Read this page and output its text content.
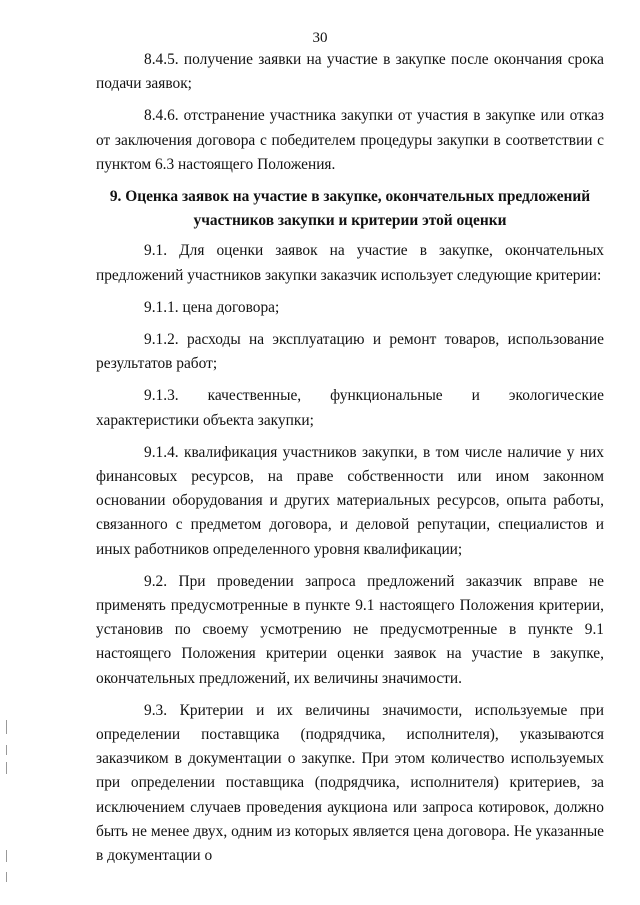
30

8.4.5. получение заявки на участие в закупке после окончания срока подачи заявок;

8.4.6. отстранение участника закупки от участия в закупке или отказ от заключения договора с победителем процедуры закупки в соответствии с пунктом 6.3 настоящего Положения.

9. Оценка заявок на участие в закупке, окончательных предложений участников закупки и критерии этой оценки

9.1. Для оценки заявок на участие в закупке, окончательных предложений участников закупки заказчик использует следующие критерии:

9.1.1. цена договора;

9.1.2. расходы на эксплуатацию и ремонт товаров, использование результатов работ;

9.1.3. качественные, функциональные и экологические характеристики объекта закупки;

9.1.4. квалификация участников закупки, в том числе наличие у них финансовых ресурсов, на праве собственности или ином законном основании оборудования и других материальных ресурсов, опыта работы, связанного с предметом договора, и деловой репутации, специалистов и иных работников определенного уровня квалификации;

9.2. При проведении запроса предложений заказчик вправе не применять предусмотренные в пункте 9.1 настоящего Положения критерии, установив по своему усмотрению не предусмотренные в пункте 9.1 настоящего Положения критерии оценки заявок на участие в закупке, окончательных предложений, их величины значимости.

9.3. Критерии и их величины значимости, используемые при определении поставщика (подрядчика, исполнителя), указываются заказчиком в документации о закупке. При этом количество используемых при определении поставщика (подрядчика, исполнителя) критериев, за исключением случаев проведения аукциона или запроса котировок, должно быть не менее двух, одним из которых является цена договора. Не указанные в документации о
